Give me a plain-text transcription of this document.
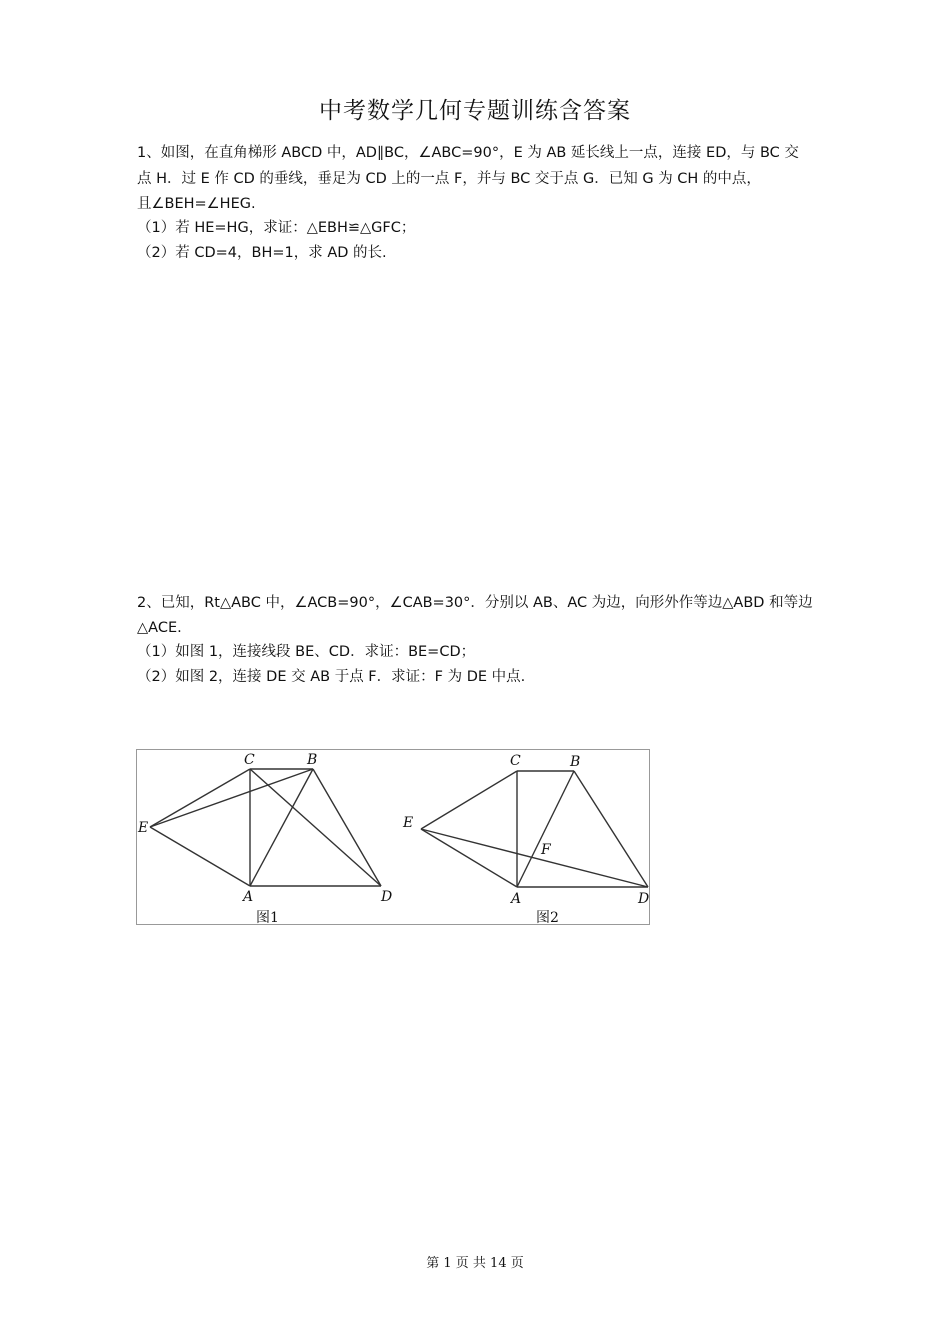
中考数学几何专题训练含答案
1、如图，在直角梯形 ABCD 中，AD∥BC，∠ABC=90°，E 为 AB 延长线上一点，连接 ED，与 BC 交
点 H．过 E 作 CD 的垂线，垂足为 CD 上的一点 F，并与 BC 交于点 G．已知 G 为 CH 的中点，
且∠BEH=∠HEG.
（1）若 HE=HG，求证：△EBH≌△GFC；
（2）若 CD=4，BH=1，求 AD 的长.
2、已知，Rt△ABC 中，∠ACB=90°，∠CAB=30°．分别以 AB、AC 为边，向形外作等边△ABD 和等边
△ACE.
（1）如图 1，连接线段 BE、CD．求证：BE=CD；
（2）如图 2，连接 DE 交 AB 于点 F．求证：F 为 DE 中点.
C	B
E
A	D
图1
C	B
E
F
A	D
图2
第 1 页 共 14 页
